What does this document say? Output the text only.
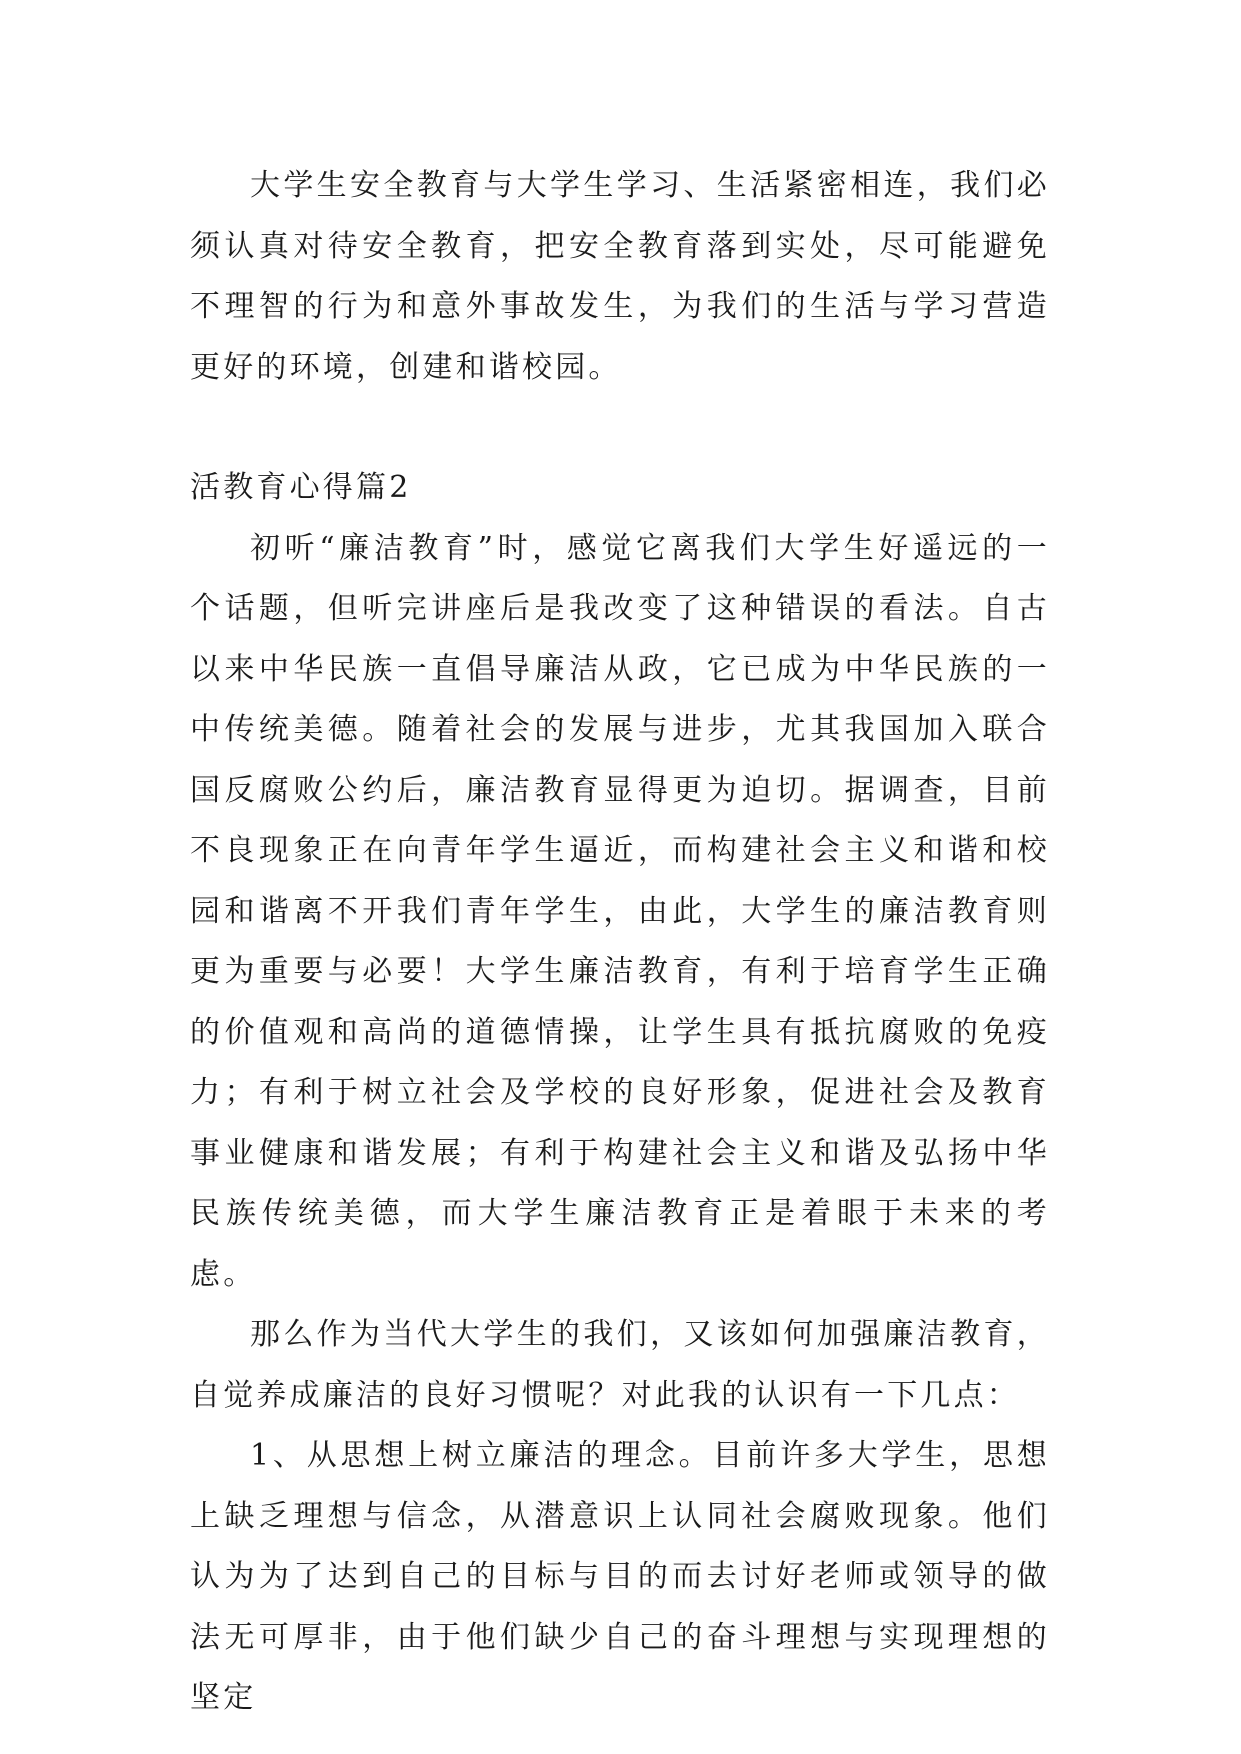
大学生安全教育与大学生学习、生活紧密相连，我们必须认真对待安全教育，把安全教育落到实处，尽可能避免不理智的行为和意外事故发生，为我们的生活与学习营造更好的环境，创建和谐校园。

活教育心得篇2

初听“廉洁教育”时，感觉它离我们大学生好遥远的一个话题，但听完讲座后是我改变了这种错误的看法。自古以来中华民族一直倡导廉洁从政，它已成为中华民族的一中传统美德。随着社会的发展与进步，尤其我国加入联合国反腐败公约后，廉洁教育显得更为迫切。据调查，目前不良现象正在向青年学生逼近，而构建社会主义和谐和校园和谐离不开我们青年学生，由此，大学生的廉洁教育则更为重要与必要！大学生廉洁教育，有利于培育学生正确的价值观和高尚的道德情操，让学生具有抵抗腐败的免疫力；有利于树立社会及学校的良好形象，促进社会及教育事业健康和谐发展；有利于构建社会主义和谐及弘扬中华民族传统美德，而大学生廉洁教育正是着眼于未来的考虑。

那么作为当代大学生的我们，又该如何加强廉洁教育，自觉养成廉洁的良好习惯呢？对此我的认识有一下几点：

1、从思想上树立廉洁的理念。目前许多大学生，思想上缺乏理想与信念，从潜意识上认同社会腐败现象。他们认为为了达到自己的目标与目的而去讨好老师或领导的做法无可厚非，由于他们缺少自己的奋斗理想与实现理想的坚定
